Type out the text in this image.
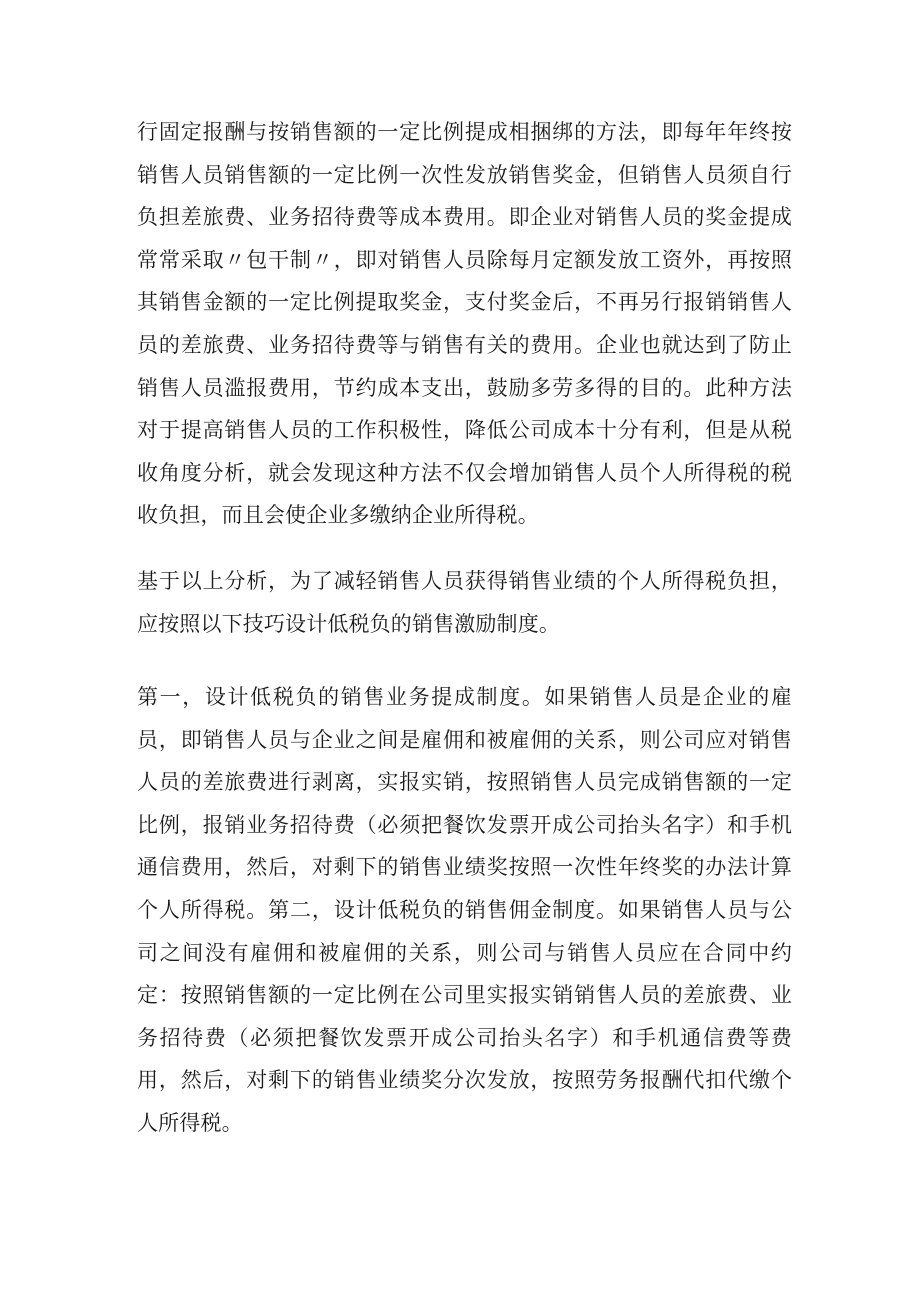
行固定报酬与按销售额的一定比例提成相捆绑的方法，即每年年终按销售人员销售额的一定比例一次性发放销售奖金，但销售人员须自行负担差旅费、业务招待费等成本费用。即企业对销售人员的奖金提成常常采取〃包干制〃，即对销售人员除每月定额发放工资外，再按照其销售金额的一定比例提取奖金，支付奖金后，不再另行报销销售人员的差旅费、业务招待费等与销售有关的费用。企业也就达到了防止销售人员滥报费用，节约成本支出，鼓励多劳多得的目的。此种方法对于提高销售人员的工作积极性，降低公司成本十分有利，但是从税收角度分析，就会发现这种方法不仅会增加销售人员个人所得税的税收负担，而且会使企业多缴纳企业所得税。

基于以上分析，为了减轻销售人员获得销售业绩的个人所得税负担，应按照以下技巧设计低税负的销售激励制度。

第一，设计低税负的销售业务提成制度。如果销售人员是企业的雇员，即销售人员与企业之间是雇佣和被雇佣的关系，则公司应对销售人员的差旅费进行剥离，实报实销，按照销售人员完成销售额的一定比例，报销业务招待费（必须把餐饮发票开成公司抬头名字）和手机通信费用，然后，对剩下的销售业绩奖按照一次性年终奖的办法计算个人所得税。第二，设计低税负的销售佣金制度。如果销售人员与公司之间没有雇佣和被雇佣的关系，则公司与销售人员应在合同中约定：按照销售额的一定比例在公司里实报实销销售人员的差旅费、业务招待费（必须把餐饮发票开成公司抬头名字）和手机通信费等费用，然后，对剩下的销售业绩奖分次发放，按照劳务报酬代扣代缴个人所得税。
